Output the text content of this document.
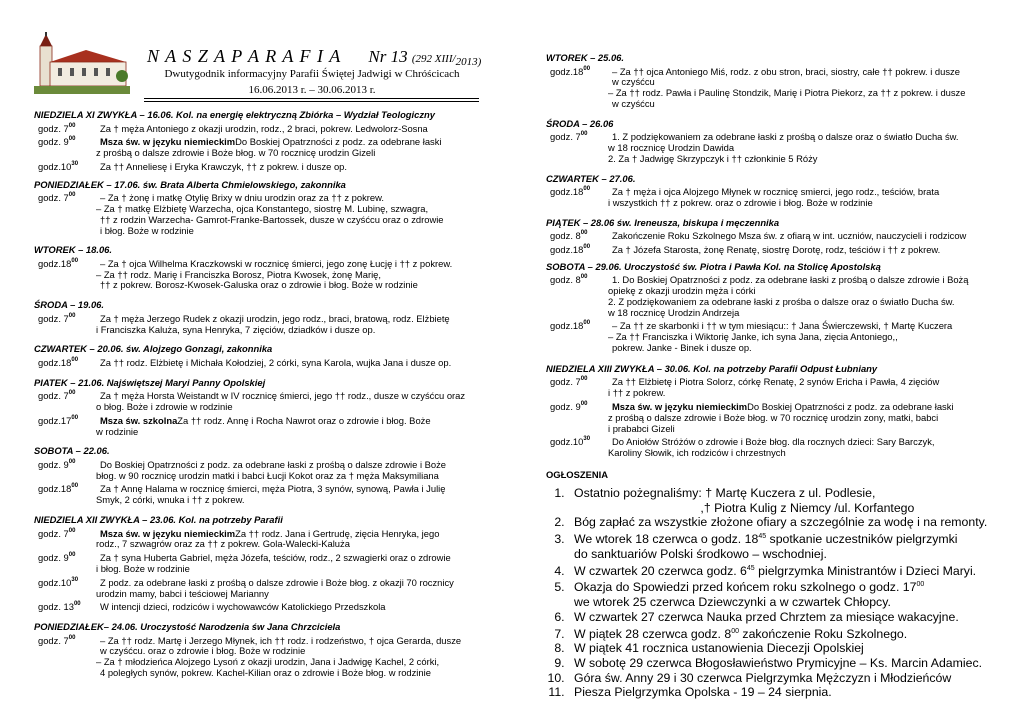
N A S Z A P A R A F I A Nr 13 (292 XIII/2013)
Dwutygodnik informacyjny Parafii Świętej Jadwigi w Chróścicach
16.06.2013 r. – 30.06.2013 r.
NIEDZIELA XI ZWYKŁA – 16.06. Kol. na energię elektryczną Zbiórka – Wydział Teologiczny
godz. $7^{00}$	Za † męża Antoniego z okazji urodzin, rodz., 2 braci, pokrew. Ledwolorz-Sosna
godz. $9^{00}$	Msza św. w języku niemieckimDo Boskiej Opatrzności z podz. za odebrane łaski
z prośbą o dalsze zdrowie i Boże błog. w 70 rocznicę urodzin Gizeli
$godz.10^{30}$ Za †† Anneliesę i Eryka Krawczyk, †† z pokrew. i dusze op.
PONIEDZIAŁEK – 17.06. św. Brata Alberta Chmielowskiego, zakonnika
godz. $7^{00}$	– Za † żonę i matkę Otylię Brixy w dniu urodzin oraz za †† z pokrew.
– Za † matkę Elżbietę Warzecha, ojca Konstantego, siostrę M. Lubinę, szwagra,
†† z rodzin Warzecha- Gamrot-Franke-Bartossek, dusze w czyśćcu oraz o zdrowie
i błog. Boże w rodzinie
WTOREK – 18.06.
$godz.18^{00}$ – Za † ojca Wilhelma Kraczkowski w rocznicę śmierci, jego zonę Łucję i †† z pokrew.
– Za †† rodz. Marię i Franciszka Borosz, Piotra Kwosek, żonę Marię,
†† z pokrew. Borosz-Kwosek-Galuska oraz o zdrowie i błog. Boże w rodzinie
ŚRODA – 19.06.
godz. $7^{00}$	Za † męża Jerzego Rudek z okazji urodzin, jego rodz., braci, bratową, rodz. Elżbietę
i Franciszka Kaluża, syna Henryka, 7 zięciów, dziadków i dusze op.
CZWARTEK – 20.06. św. Alojzego Gonzagi, zakonnika
$godz.18^{00}$ Za †† rodz. Elżbietę i Michała Kołodziej, 2 córki, syna Karola, wujka Jana i dusze op.
PIATEK – 21.06. Najświętszej Maryi Panny Opolskiej
godz. $7^{00}$	Za † męża Horsta Weistandt w IV rocznicę śmierci, jego †† rodz., dusze w czyśćcu oraz
o błog. Boże i zdrowie w rodzinie
$godz.17^{00}$ Msza św. szkolnaZa †† rodz. Annę i Rocha Nawrot oraz o zdrowie i błog. Boże
w rodzinie
SOBOTA – 22.06.
godz. $9^{00}$	Do Boskiej Opatrzności z podz. za odebrane łaski z prośbą o dalsze zdrowie i Boże
błog. w 90 rocznicę urodzin matki i babci Łucji Kokot oraz za † męża Maksymiliana
$godz.18^{00}$ Za † Annę Halama w rocznicę śmierci, męża Piotra, 3 synów, synową, Pawła i Julię
Smyk, 2 córki, wnuka i †† z pokrew.
NIEDZIELA XII ZWYKŁA – 23.06. Kol. na potrzeby Parafii
godz. $7^{00}$	Msza św. w języku niemieckimZa †† rodz. Jana i Gertrudę, zięcia Henryka, jego
rodz., 7 szwagrów oraz za †† z pokrew. Gola-Walecki-Kaluża
godz. $9^{00}$	Za † syna Huberta Gabriel, męża Józefa, teściów, rodz., 2 szwagierki oraz o zdrowie
i błog. Boże w rodzinie
$godz.10^{30}$ Z podz. za odebrane łaski z prośbą o dalsze zdrowie i Boże błog. z okazji 70 rocznicy
urodzin mamy, babci i teściowej Marianny
godz. $13^{00}$ W intencji dzieci, rodziców i wychowawców Katolickiego Przedszkola
PONIEDZIAŁEK– 24.06. Uroczystość Narodzenia św Jana Chrzciciela
godz. $7^{00}$	– Za †† rodz. Martę i Jerzego Młynek, ich †† rodz. i rodzeństwo, † ojca Gerarda, dusze
w czyśćcu. oraz o zdrowie i błog. Boże w rodzinie
– Za † młodzieńca Alojzego Lysoń z okazji urodzin, Jana i Jadwigę Kachel, 2 córki,
4 poległych synów, pokrew. Kachel-Kilian oraz o zdrowie i Boże błog. w rodzinie
WTOREK – 25.06.
$godz.18^{00}$ – Za †† ojca Antoniego Miś, rodz. z obu stron, braci, siostry, całe †† pokrew. i dusze
w czyśćcu
– Za †† rodz. Pawła i Paulinę Stondzik, Marię i Piotra Piekorz, za †† z pokrew. i dusze
w czyśćcu
ŚRODA – 26.06
godz. $7^{00}$	1. Z podziękowaniem za odebrane łaski z prośbą o dalsze oraz o światło Ducha św.
w 18 rocznicę Urodzin Dawida
2. Za † Jadwigę Skrzypczyk i †† członkinie 5 Róży
CZWARTEK – 27.06.
$godz.18^{00}$ Za † męża i ojca Alojzego Młynek w rocznicę smierci, jego rodz., teściów, brata
i wszystkich †† z pokrew. oraz o zdrowie i błog. Boże w rodzinie
PIĄTEK – 28.06 św. Ireneusza, biskupa i męczennika
godz. $8^{00}$	Zakończenie Roku Szkolnego Msza św. z ofiarą w int. uczniów, nauczycieli i rodzicow
$godz.18^{00}$ Za † Józefa Starosta, żonę Renatę, siostrę Dorotę, rodz, teściów i †† z pokrew.
SOBOTA – 29.06. Uroczystość św. Piotra i Pawła Kol. na Stolicę Apostolską
godz. $8^{00}$	1. Do Boskiej Opatrzności z podz. za odebrane łaski z prośbą o dalsze zdrowie i Bożą
opiekę z okazji urodzin męża i córki
2. Z podziękowaniem za odebrane łaski z prośba o dalsze oraz o światło Ducha św.
w 18 rocznicę Urodzin Andrzeja
$godz.18^{00}$ – Za †† ze skarbonki i †† w tym miesiącu:: † Jana Świerczewski, † Martę Kuczera
– Za †† Franciszka i Wiktorię Janke, ich syna Jana, zięcia Antoniego,,
pokrew. Janke - Binek i dusze op.
NIEDZIELA XIII ZWYKŁA – 30.06. Kol. na potrzeby Parafii Odpust Łubniany
godz. $7^{00}$	Za †† Elżbietę i Piotra Solorz, córkę Renatę, 2 synów Ericha i Pawła, 4 zięciów
i †† z pokrew.
godz. $9^{00}$	Msza św. w języku niemieckimDo Boskiej Opatrzności z podz. za odebrane łaski
z prośbą o dalsze zdrowie i Boże błog. w 70 rocznicę urodzin zony, matki, babci
i prababci Gizeli
$godz.10^{30}$ Do Aniołów Stróżów o zdrowie i Boże błog. dla rocznych dzieci: Sary Barczyk,
Karoliny Słowik, ich rodziców i chrzestnych
OGŁOSZENIA
1. Ostatnio pożegnaliśmy: † Martę Kuczera z ul. Podlesie,
,† Piotra Kulig z Niemcy /ul. Korfantego
2. Bóg zapłać za wszystkie złożone ofiary a szczególnie za wodę i na remonty.
3. We wtorek 18 czerwca o godz. $18^{45}$ spotkanie uczestników pielgrzymki
do sanktuariów Polski środkowo – wschodniej.
4. W czwartek 20 czerwca godz. $6^{45}$ pielgrzymka Ministrantów i Dzieci Maryi.
5. Okazja do Spowiedzi przed końcem roku szkolnego o godz. $17^{00}$
we wtorek 25 czerwca Dziewczynki a w czwartek Chłopcy.
6. W czwartek 27 czerwca Nauka przed Chrztem za miesiące wakacyjne.
7. W piątek 28 czerwca godz. $8^{00}$ zakończenie Roku Szkolnego.
8. W piątek 41 rocznica ustanowienia Diecezji Opolskiej
9. W sobotę 29 czerwca Błogosławieństwo Prymicyjne – Ks. Marcin Adamiec.
10. Góra św. Anny 29 i 30 czerwca Pielgrzymka Mężczyzn i Młodzieńców
11. Piesza Pielgrzymka Opolska - 19 – 24 sierpnia.
